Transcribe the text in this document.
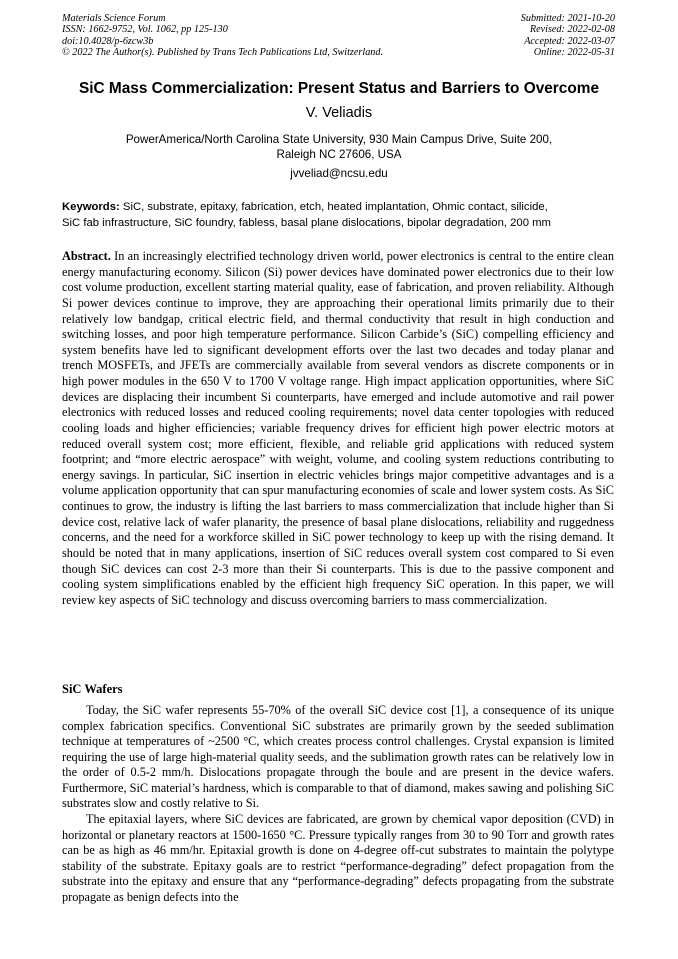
Materials Science Forum
ISSN: 1662-9752, Vol. 1062, pp 125-130
doi:10.4028/p-6zcw3b
© 2022 The Author(s). Published by Trans Tech Publications Ltd, Switzerland.
Submitted: 2021-10-20
Revised: 2022-02-08
Accepted: 2022-03-07
Online: 2022-05-31
SiC Mass Commercialization: Present Status and Barriers to Overcome
V. Veliadis
PowerAmerica/North Carolina State University, 930 Main Campus Drive, Suite 200,
Raleigh NC 27606, USA
jvveliad@ncsu.edu
Keywords: SiC, substrate, epitaxy, fabrication, etch, heated implantation, Ohmic contact, silicide,
SiC fab infrastructure, SiC foundry, fabless, basal plane dislocations, bipolar degradation, 200 mm
Abstract. In an increasingly electrified technology driven world, power electronics is central to the entire clean energy manufacturing economy. Silicon (Si) power devices have dominated power electronics due to their low cost volume production, excellent starting material quality, ease of fabrication, and proven reliability. Although Si power devices continue to improve, they are approaching their operational limits primarily due to their relatively low bandgap, critical electric field, and thermal conductivity that result in high conduction and switching losses, and poor high temperature performance. Silicon Carbide’s (SiC) compelling efficiency and system benefits have led to significant development efforts over the last two decades and today planar and trench MOSFETs, and JFETs are commercially available from several vendors as discrete components or in high power modules in the 650 V to 1700 V voltage range. High impact application opportunities, where SiC devices are displacing their incumbent Si counterparts, have emerged and include automotive and rail power electronics with reduced losses and reduced cooling requirements; novel data center topologies with reduced cooling loads and higher efficiencies; variable frequency drives for efficient high power electric motors at reduced overall system cost; more efficient, flexible, and reliable grid applications with reduced system footprint; and “more electric aerospace” with weight, volume, and cooling system reductions contributing to energy savings. In particular, SiC insertion in electric vehicles brings major competitive advantages and is a volume application opportunity that can spur manufacturing economies of scale and lower system costs. As SiC continues to grow, the industry is lifting the last barriers to mass commercialization that include higher than Si device cost, relative lack of wafer planarity, the presence of basal plane dislocations, reliability and ruggedness concerns, and the need for a workforce skilled in SiC power technology to keep up with the rising demand. It should be noted that in many applications, insertion of SiC reduces overall system cost compared to Si even though SiC devices can cost 2-3 more than their Si counterparts. This is due to the passive component and cooling system simplifications enabled by the efficient high frequency SiC operation. In this paper, we will review key aspects of SiC technology and discuss overcoming barriers to mass commercialization.
SiC Wafers
Today, the SiC wafer represents 55-70% of the overall SiC device cost [1], a consequence of its unique complex fabrication specifics. Conventional SiC substrates are primarily grown by the seeded sublimation technique at temperatures of ~2500 °C, which creates process control challenges. Crystal expansion is limited requiring the use of large high-material quality seeds, and the sublimation growth rates can be relatively low in the order of 0.5-2 mm/h. Dislocations propagate through the boule and are present in the device wafers. Furthermore, SiC material’s hardness, which is comparable to that of diamond, makes sawing and polishing SiC substrates slow and costly relative to Si.
The epitaxial layers, where SiC devices are fabricated, are grown by chemical vapor deposition (CVD) in horizontal or planetary reactors at 1500-1650 °C. Pressure typically ranges from 30 to 90 Torr and growth rates can be as high as 46 mm/hr. Epitaxial growth is done on 4-degree off-cut substrates to maintain the polytype stability of the substrate. Epitaxy goals are to restrict “performance-degrading” defect propagation from the substrate into the epitaxy and ensure that any “performance-degrading” defects propagating from the substrate propagate as benign defects into the
